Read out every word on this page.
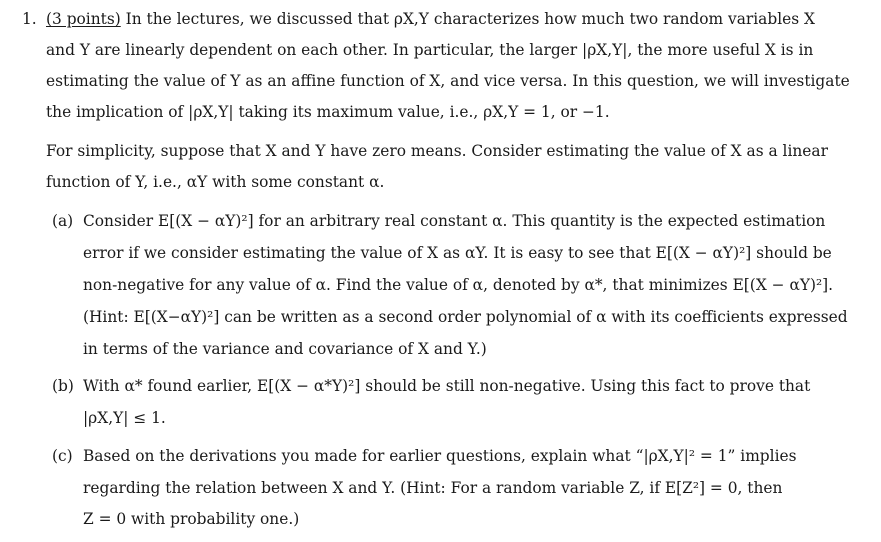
1. (3 points) In the lectures, we discussed that ρX,Y characterizes how much two random variables X
and Y are linearly dependent on each other. In particular, the larger |ρX,Y|, the more useful X is in
estimating the value of Y as an affine function of X, and vice versa. In this question, we will investigate
the implication of |ρX,Y| taking its maximum value, i.e., ρX,Y = 1, or −1.
For simplicity, suppose that X and Y have zero means. Consider estimating the value of X as a linear
function of Y, i.e., αY with some constant α.
(a) Consider E[(X − αY)²] for an arbitrary real constant α. This quantity is the expected estimation
error if we consider estimating the value of X as αY. It is easy to see that E[(X − αY)²] should be
non-negative for any value of α. Find the value of α, denoted by α*, that minimizes E[(X − αY)²].
(Hint: E[(X−αY)²] can be written as a second order polynomial of α with its coefficients expressed
in terms of the variance and covariance of X and Y.)
(b) With α* found earlier, E[(X − α*Y)²] should be still non-negative. Using this fact to prove that
|ρX,Y| ≤ 1.
(c) Based on the derivations you made for earlier questions, explain what “|ρX,Y|² = 1” implies
regarding the relation between X and Y. (Hint: For a random variable Z, if E[Z²] = 0, then
Z = 0 with probability one.)
